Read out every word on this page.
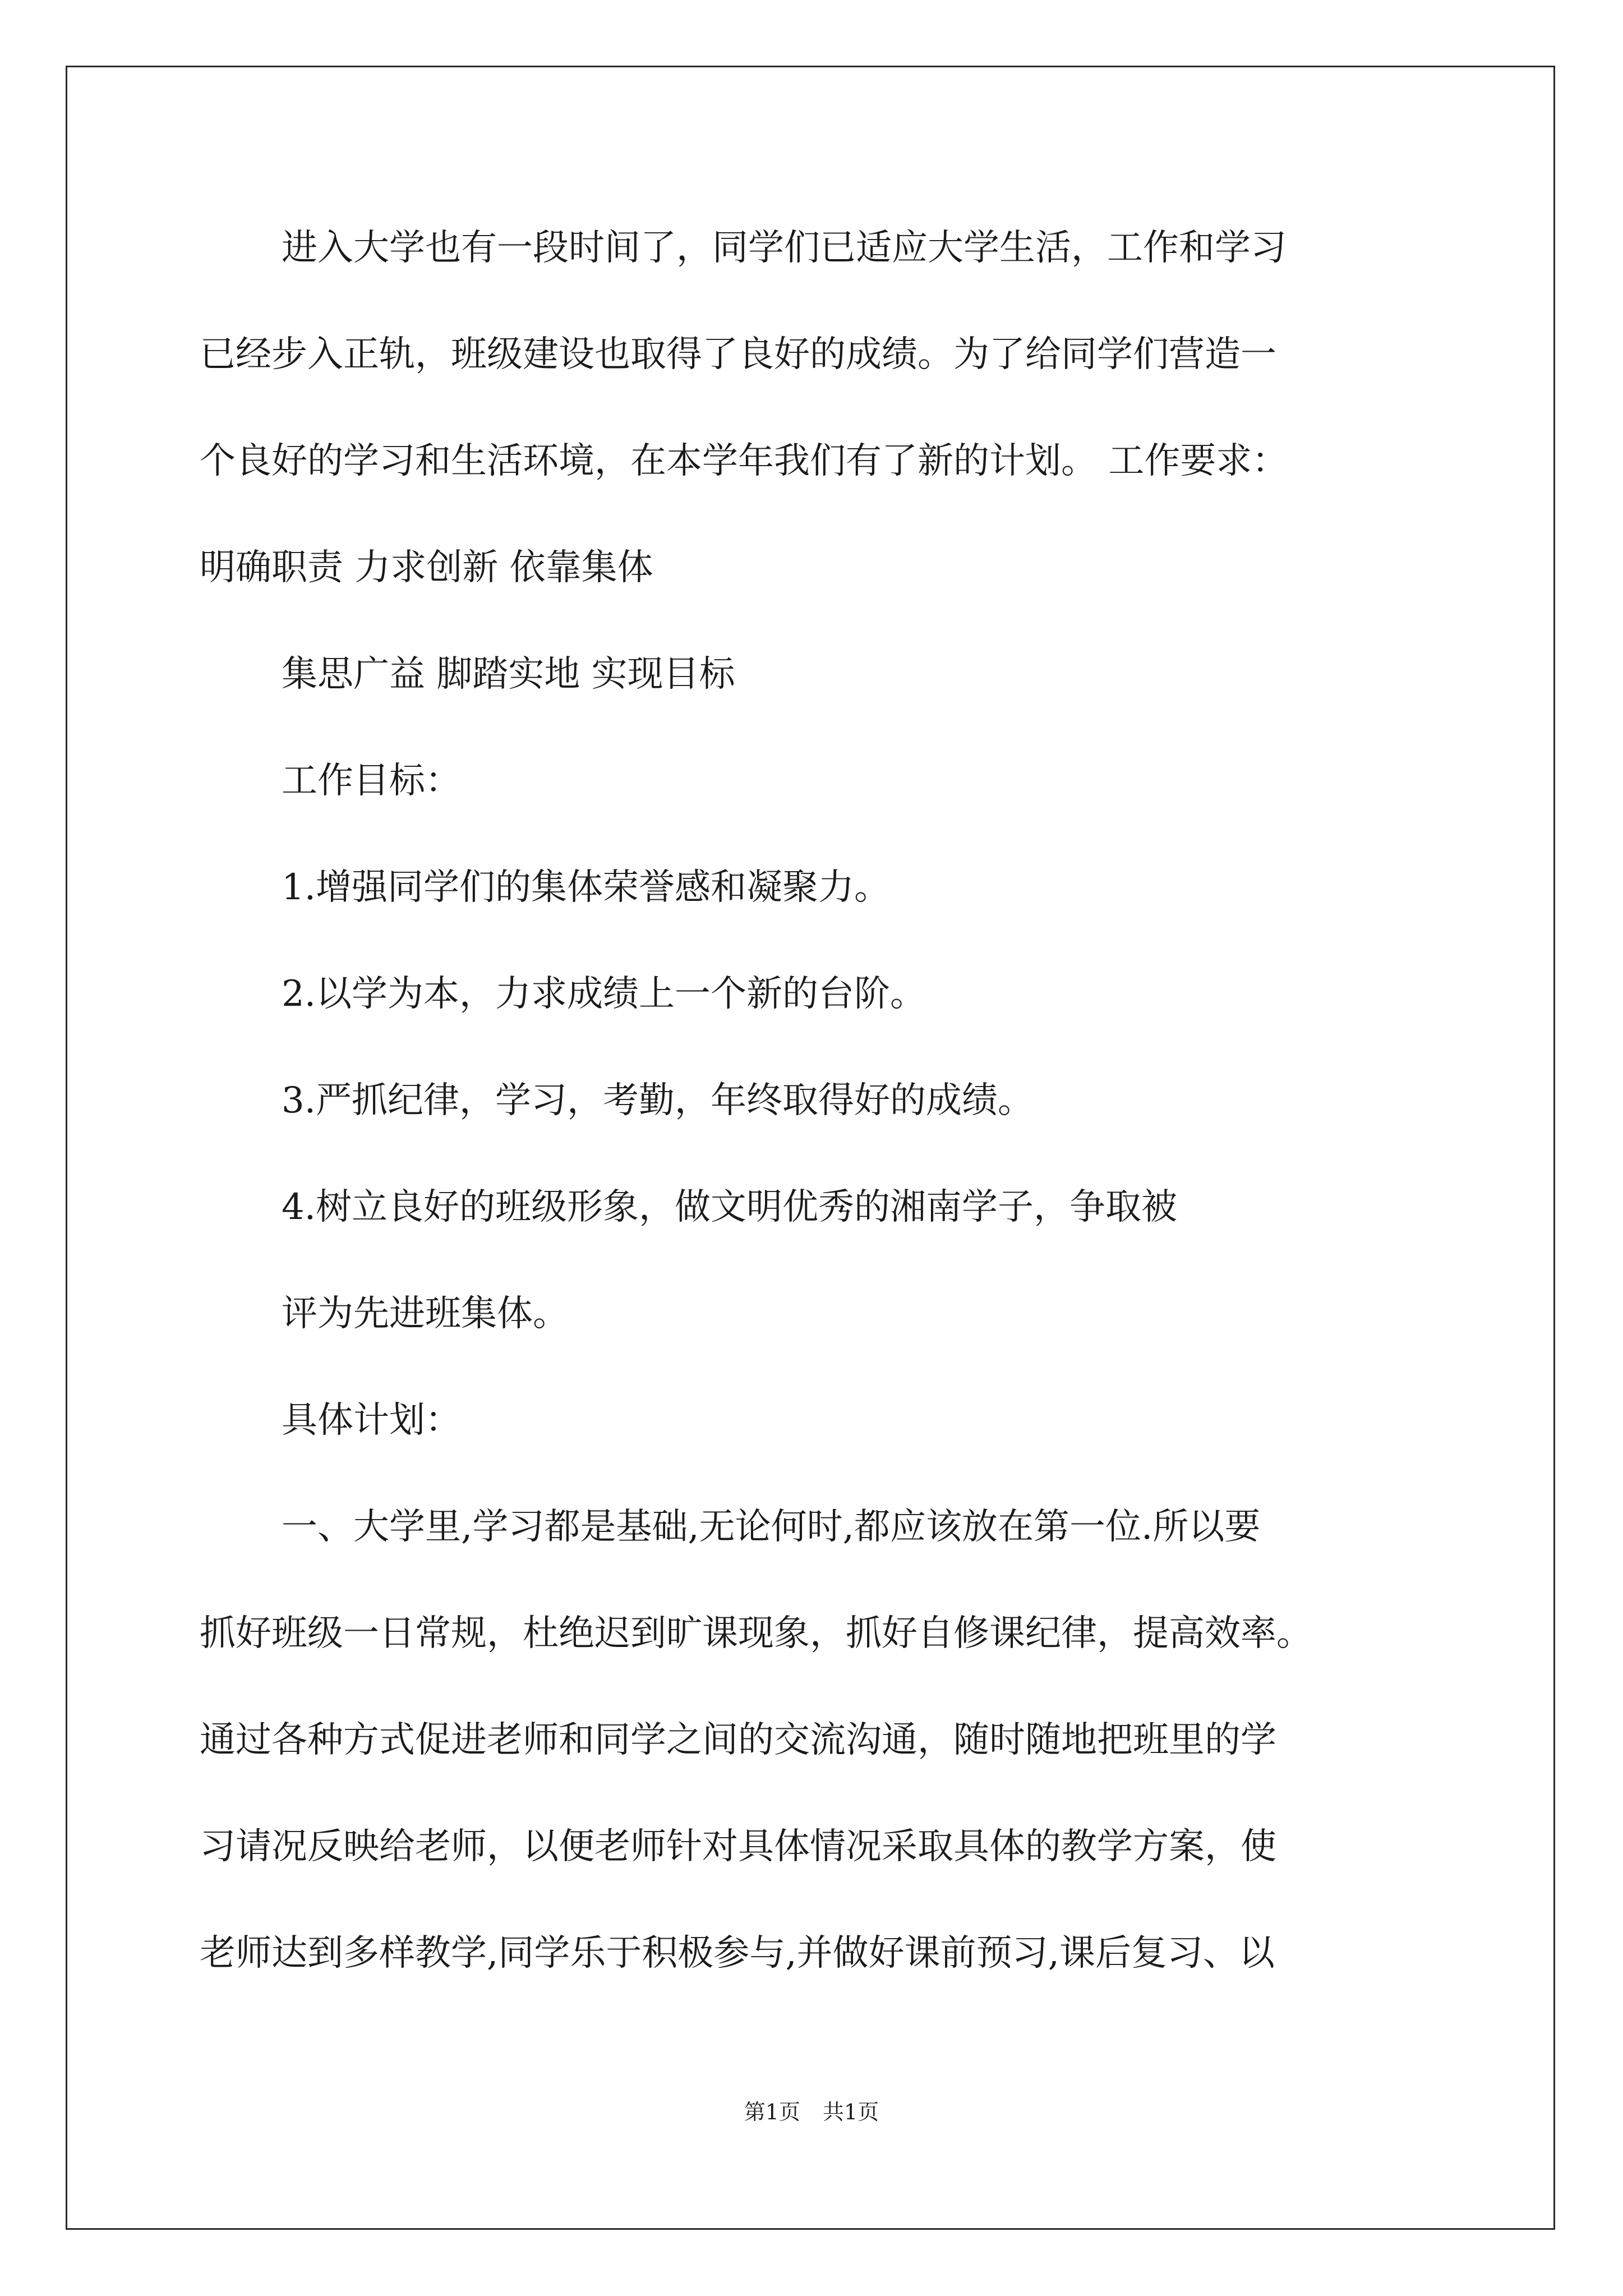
进入大学也有一段时间了，同学们已适应大学生活，工作和学习

已经步入正轨，班级建设也取得了良好的成绩。为了给同学们营造一

个良好的学习和生活环境，在本学年我们有了新的计划。 工作要求：

明确职责 力求创新 依靠集体

集思广益 脚踏实地 实现目标

工作目标：

1.增强同学们的集体荣誉感和凝聚力。

2.以学为本，力求成绩上一个新的台阶。

3.严抓纪律，学习，考勤，年终取得好的成绩。

4.树立良好的班级形象，做文明优秀的湘南学子，争取被

评为先进班集体。

具体计划：

一、大学里,学习都是基础,无论何时,都应该放在第一位.所以要

抓好班级一日常规，杜绝迟到旷课现象，抓好自修课纪律，提高效率。

通过各种方式促进老师和同学之间的交流沟通，随时随地把班里的学

习请况反映给老师，以便老师针对具体情况采取具体的教学方案，使

老师达到多样教学,同学乐于积极参与,并做好课前预习,课后复习、以

第1页 共1页
